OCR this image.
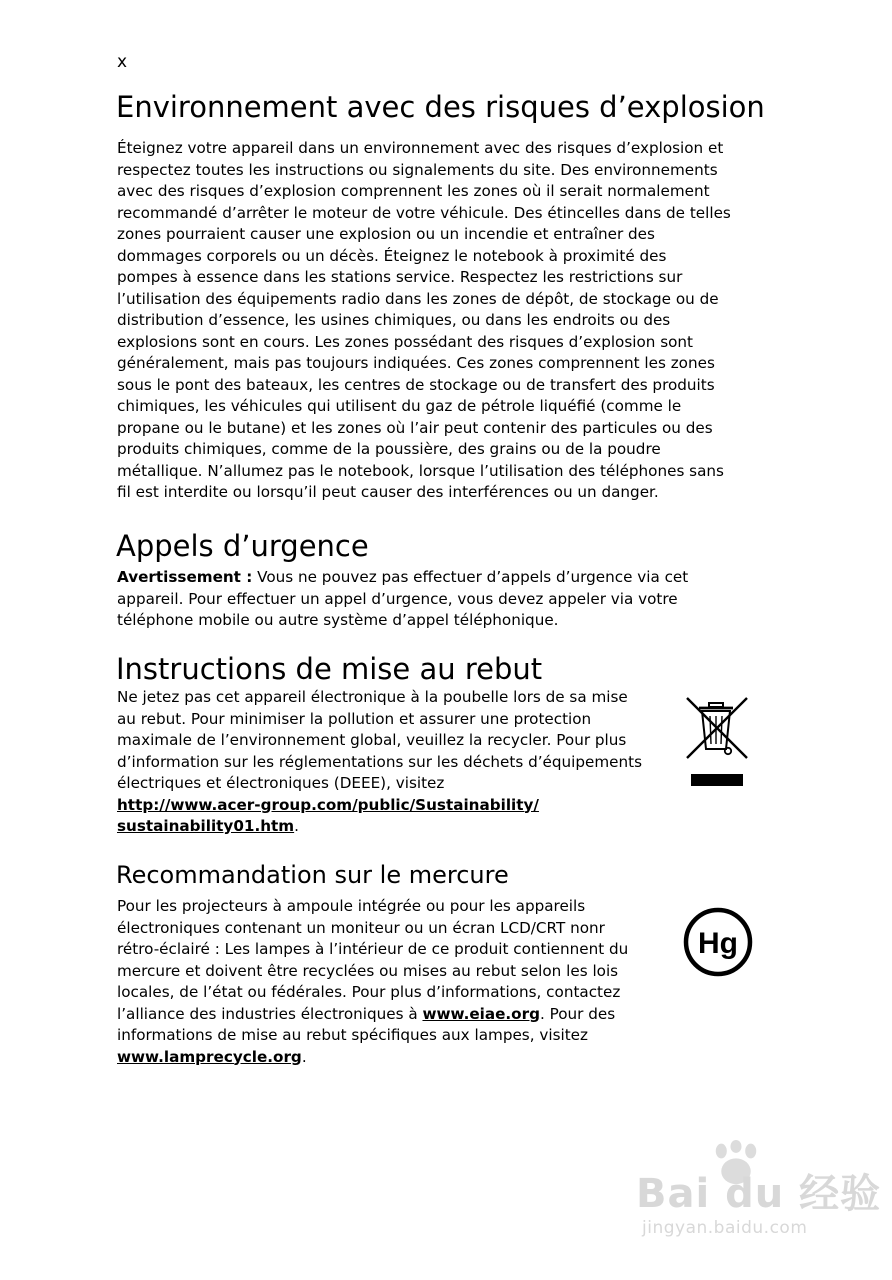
x
Environnement avec des risques d’explosion
Éteignez votre appareil dans un environnement avec des risques d’explosion et
respectez toutes les instructions ou signalements du site. Des environnements
avec des risques d’explosion comprennent les zones où il serait normalement
recommandé d’arrêter le moteur de votre véhicule. Des étincelles dans de telles
zones pourraient causer une explosion ou un incendie et entraîner des
dommages corporels ou un décès. Éteignez le notebook à proximité des
pompes à essence dans les stations service. Respectez les restrictions sur
l’utilisation des équipements radio dans les zones de dépôt, de stockage ou de
distribution d’essence, les usines chimiques, ou dans les endroits ou des
explosions sont en cours. Les zones possédant des risques d’explosion sont
généralement, mais pas toujours indiquées. Ces zones comprennent les zones
sous le pont des bateaux, les centres de stockage ou de transfert des produits
chimiques, les véhicules qui utilisent du gaz de pétrole liquéfié (comme le
propane ou le butane) et les zones où l’air peut contenir des particules ou des
produits chimiques, comme de la poussière, des grains ou de la poudre
métallique. N’allumez pas le notebook, lorsque l’utilisation des téléphones sans
fil est interdite ou lorsqu’il peut causer des interférences ou un danger.
Appels d’urgence
Avertissement : Vous ne pouvez pas effectuer d’appels d’urgence via cet
appareil. Pour effectuer un appel d’urgence, vous devez appeler via votre
téléphone mobile ou autre système d’appel téléphonique.
Instructions de mise au rebut
Ne jetez pas cet appareil électronique à la poubelle lors de sa mise
au rebut. Pour minimiser la pollution et assurer une protection
maximale de l’environnement global, veuillez la recycler. Pour plus
d’information sur les réglementations sur les déchets d’équipements
électriques et électroniques (DEEE), visitez
http://www.acer-group.com/public/Sustainability/
sustainability01.htm.
Recommandation sur le mercure
Pour les projecteurs à ampoule intégrée ou pour les appareils
électroniques contenant un moniteur ou un écran LCD/CRT nonr
rétro-éclairé : Les lampes à l’intérieur de ce produit contiennent du
mercure et doivent être recyclées ou mises au rebut selon les lois
locales, de l’état ou fédérales. Pour plus d’informations, contactez
l’alliance des industries électroniques à www.eiae.org. Pour des
informations de mise au rebut spécifiques aux lampes, visitez
www.lamprecycle.org.
Hg
Bai du 经验
jingyan.baidu.com
